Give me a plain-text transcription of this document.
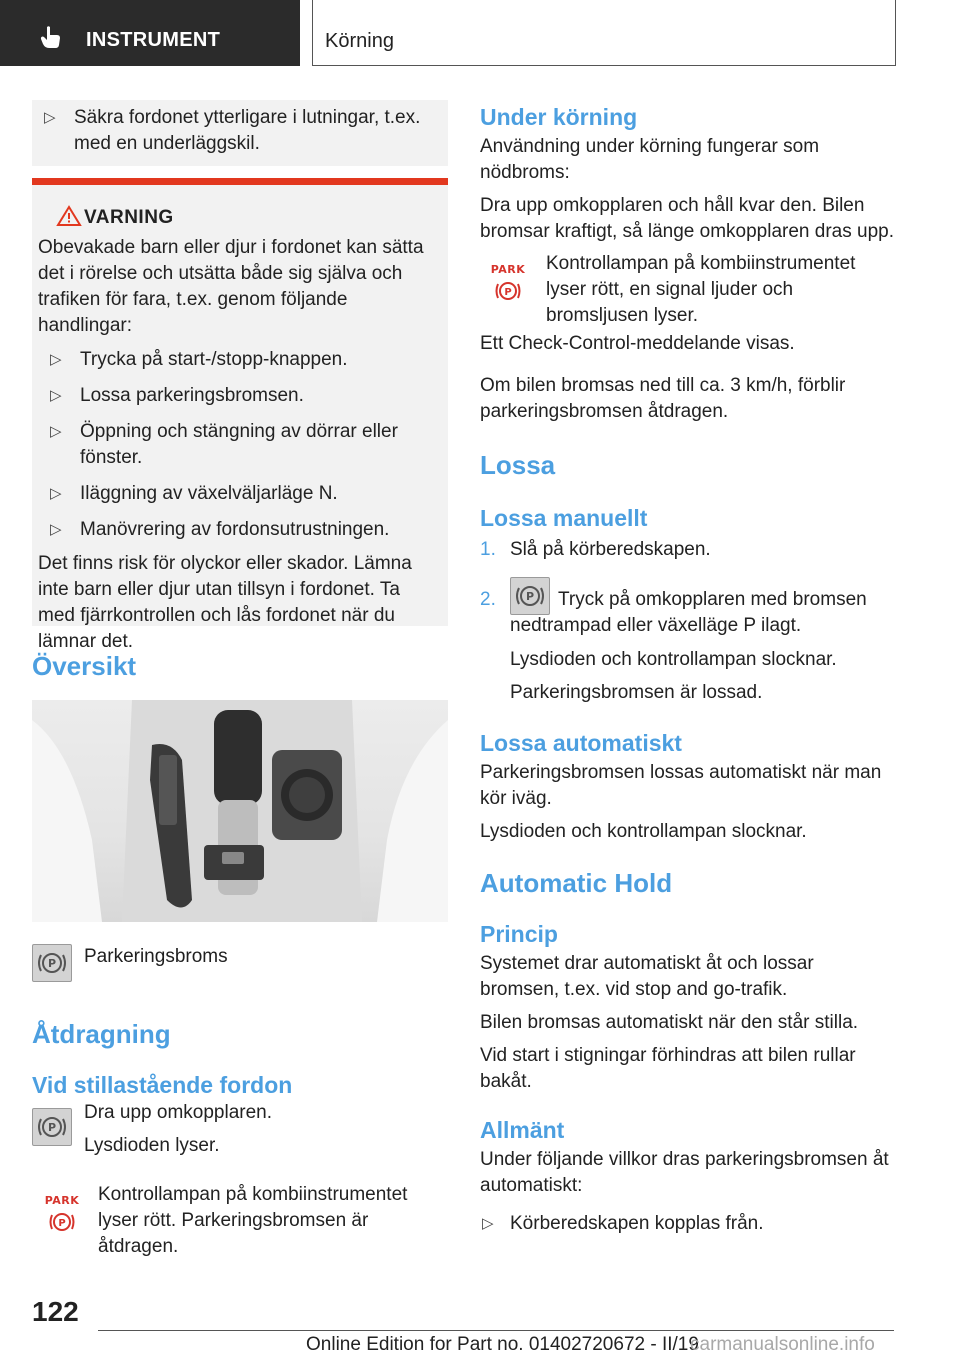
INSTRUMENT	Körning
▷ Säkra fordonet ytterligare i lutningar, t.ex. med en underläggskil.
VARNING

Obevakade barn eller djur i fordonet kan sätta det i rörelse och utsätta både sig själva och trafiken för fara, t.ex. genom följande handlingar:

▷ Trycka på start-/stopp-knappen.
▷ Lossa parkeringsbromsen.
▷ Öppning och stängning av dörrar eller fönster.
▷ Iläggning av växelväljarläge N.
▷ Manövrering av fordonsutrustningen.

Det finns risk för olyckor eller skador. Lämna inte barn eller djur utan tillsyn i fordonet. Ta med fjärrkontrollen och lås fordonet när du lämnar det.

Översikt
P Parkeringsbroms
Åtdragning
Vid stillastående fordon
P

Dra upp omkopplaren.

Lysdioden lyser.

PARK
P

Kontrollampan på kombiinstrumentet lyser rött. Parkeringsbromsen är åtdragen.

Under körning

Användning under körning fungerar som nödbroms:

Dra upp omkopplaren och håll kvar den. Bilen bromsar kraftigt, så länge omkopplaren dras upp.

PARK
P

Kontrollampan på kombiinstrumentet lyser rött, en signal ljuder och bromsljusen lyser.

Ett Check-Control-meddelande visas.

Om bilen bromsas ned till ca. 3 km/h, förblir parkeringsbromsen åtdragen.

Lossa
Lossa manuellt
1. Slå på körberedskapen.
2.	P	Tryck på omkopplaren med bromsen nedtrampad eller växelläge P ilagt.

Lysdioden och kontrollampan slocknar.

Parkeringsbromsen är lossad.

Lossa automatiskt

Parkeringsbromsen lossas automatiskt när man kör iväg.

Lysdioden och kontrollampan slocknar.

Automatic Hold
Princip

Systemet drar automatiskt åt och lossar bromsen, t.ex. vid stop and go-trafik.

Bilen bromsas automatiskt när den står stilla.

Vid start i stigningar förhindras att bilen rullar bakåt.

Allmänt

Under följande villkor dras parkeringsbromsen åt automatiskt:

▷ Körberedskapen kopplas från.
122
Online Edition for Part no. 01402720672 - II/19
carmanualsonline.info
